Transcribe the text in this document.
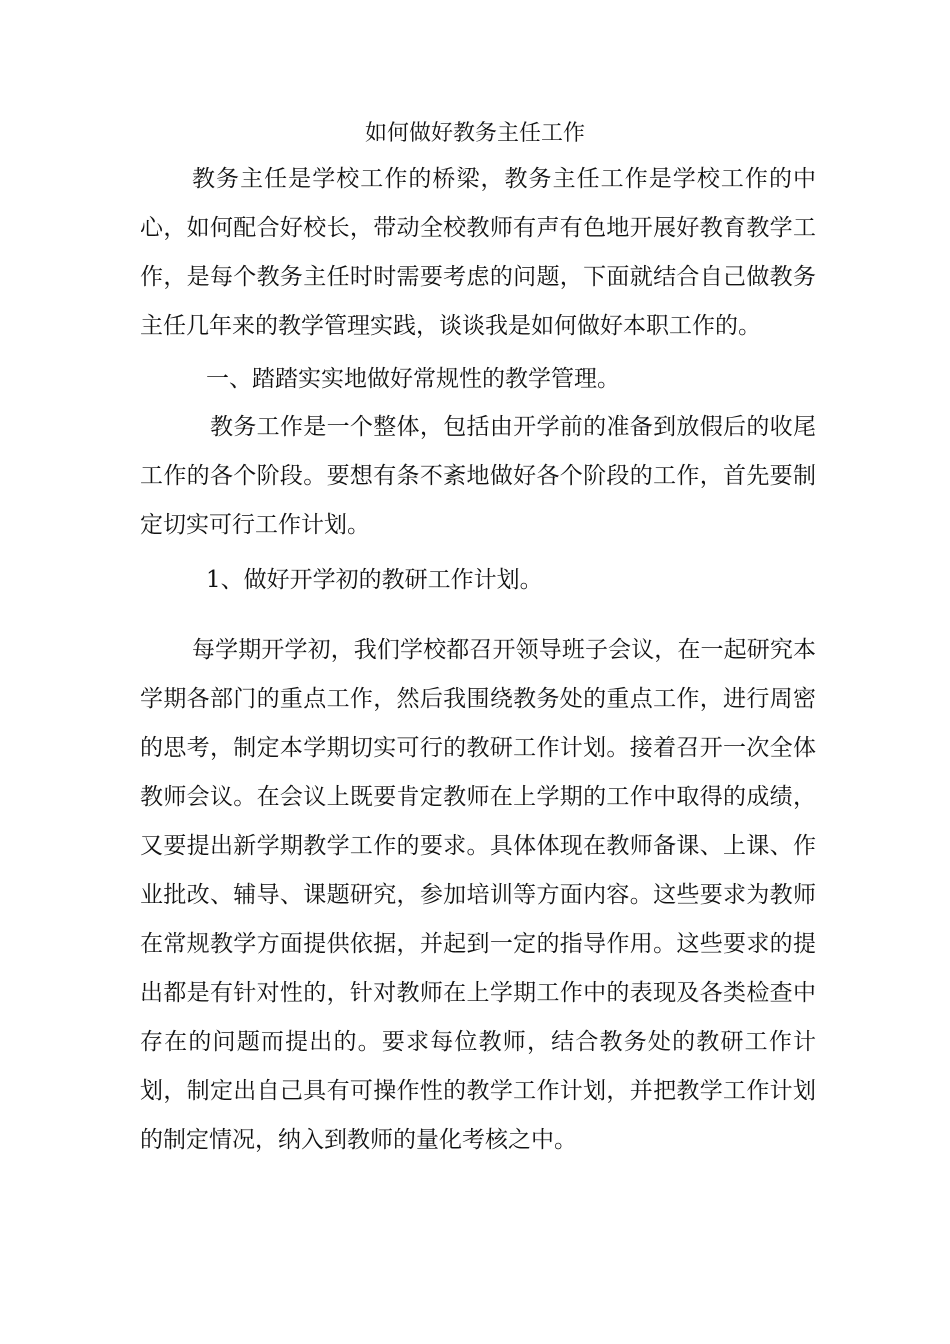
如何做好教务主任工作

教务主任是学校工作的桥梁，教务主任工作是学校工作的中心，如何配合好校长，带动全校教师有声有色地开展好教育教学工作，是每个教务主任时时需要考虑的问题，下面就结合自己做教务主任几年来的教学管理实践，谈谈我是如何做好本职工作的。

一、踏踏实实地做好常规性的教学管理。

教务工作是一个整体，包括由开学前的准备到放假后的收尾工作的各个阶段。要想有条不紊地做好各个阶段的工作，首先要制定切实可行工作计划。

1、做好开学初的教研工作计划。

每学期开学初，我们学校都召开领导班子会议，在一起研究本学期各部门的重点工作，然后我围绕教务处的重点工作，进行周密的思考，制定本学期切实可行的教研工作计划。接着召开一次全体教师会议。在会议上既要肯定教师在上学期的工作中取得的成绩，又要提出新学期教学工作的要求。具体体现在教师备课、上课、作业批改、辅导、课题研究，参加培训等方面内容。这些要求为教师在常规教学方面提供依据，并起到一定的指导作用。这些要求的提出都是有针对性的，针对教师在上学期工作中的表现及各类检查中存在的问题而提出的。要求每位教师，结合教务处的教研工作计划，制定出自己具有可操作性的教学工作计划，并把教学工作计划的制定情况，纳入到教师的量化考核之中。
